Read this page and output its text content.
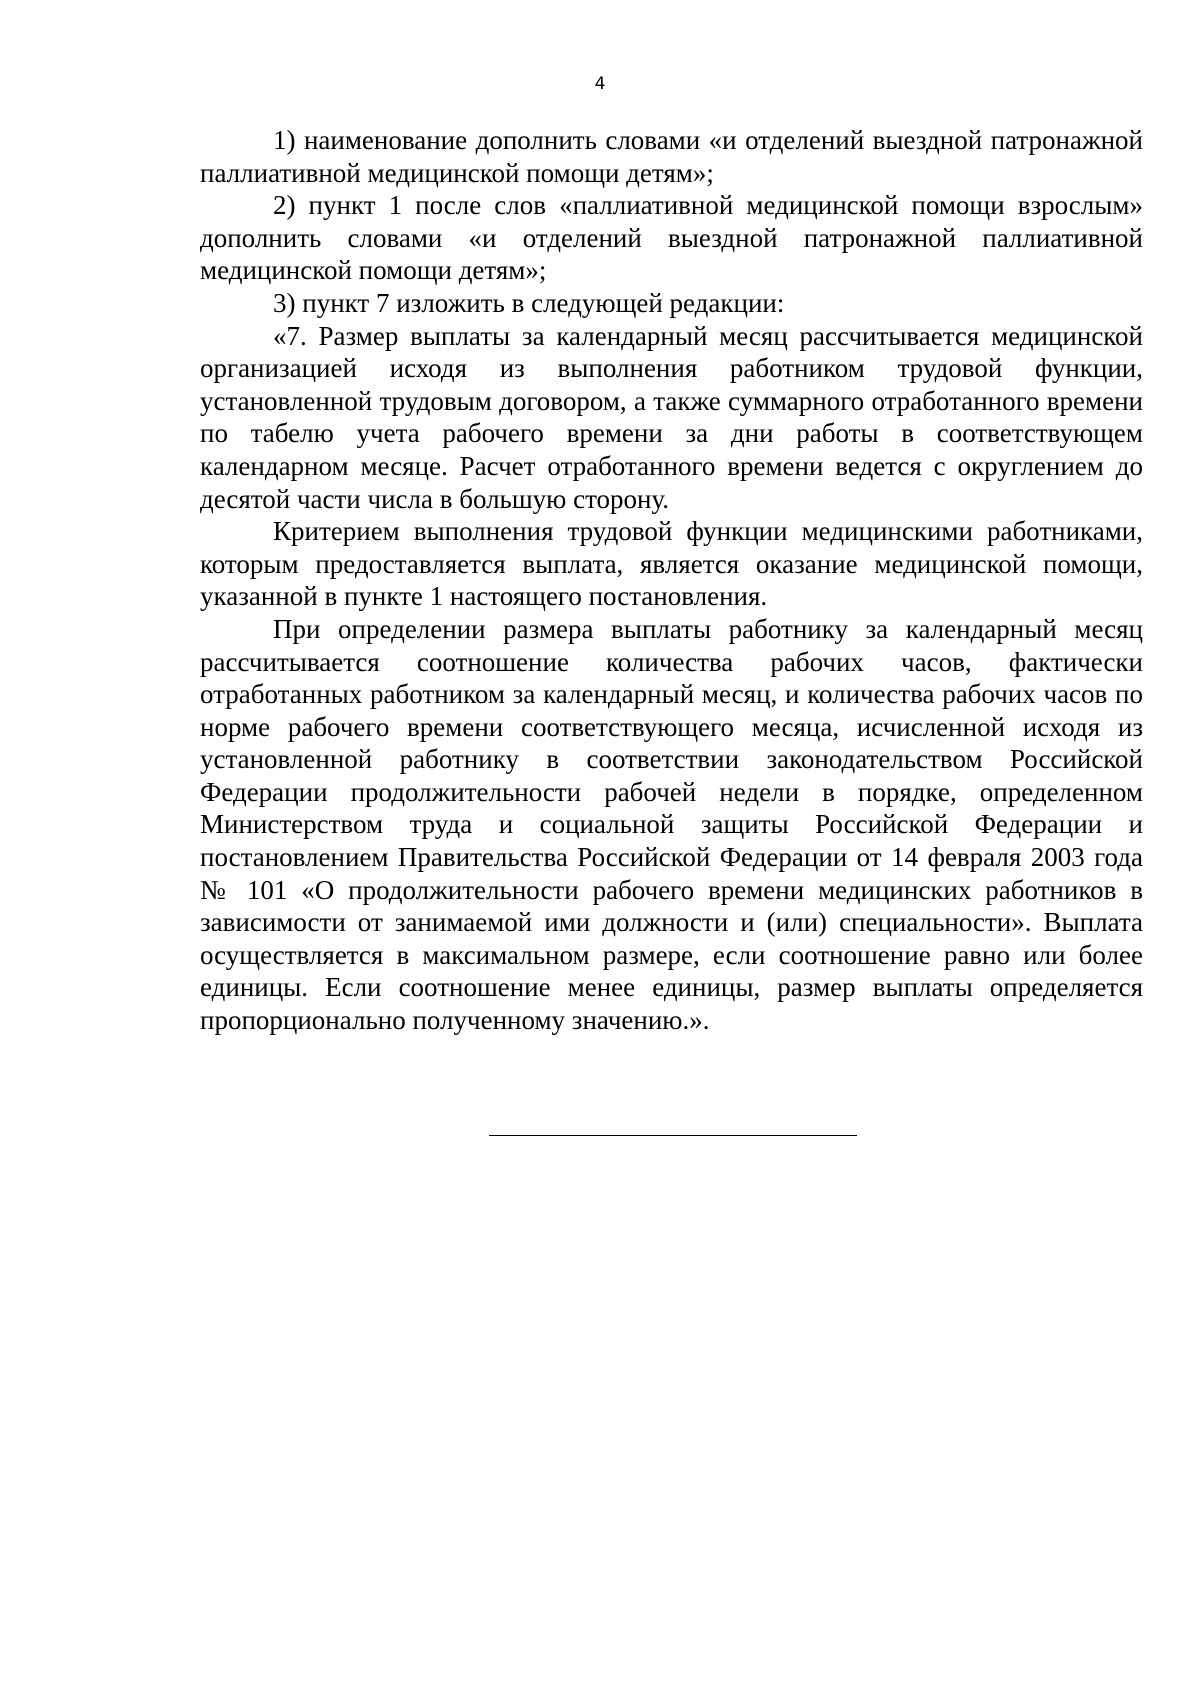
4

1) наименование дополнить словами «и отделений выездной патронажной паллиативной медицинской помощи детям»;

2) пункт 1 после слов «паллиативной медицинской помощи взрослым» дополнить словами «и отделений выездной патронажной паллиативной медицинской помощи детям»;

3) пункт 7 изложить в следующей редакции:

«7. Размер выплаты за календарный месяц рассчитывается медицинской организацией исходя из выполнения работником трудовой функции, установленной трудовым договором, а также суммарного отработанного времени по табелю учета рабочего времени за дни работы в соответствующем календарном месяце. Расчет отработанного времени ведется с округлением до десятой части числа в большую сторону.

Критерием выполнения трудовой функции медицинскими работниками, которым предоставляется выплата, является оказание медицинской помощи, указанной в пункте 1 настоящего постановления.

При определении размера выплаты работнику за календарный месяц рассчитывается соотношение количества рабочих часов, фактически отработанных работником за календарный месяц, и количества рабочих часов по норме рабочего времени соответствующего месяца, исчисленной исходя из установленной работнику в соответствии законодательством Российской Федерации продолжительности рабочей недели в порядке, определенном Министерством труда и социальной защиты Российской Федерации и постановлением Правительства Российской Федерации от 14 февраля 2003 года № 101 «О продолжительности рабочего времени медицинских работников в зависимости от занимаемой ими должности и (или) специальности». Выплата осуществляется в максимальном размере, если соотношение равно или более единицы. Если соотношение менее единицы, размер выплаты определяется пропорционально полученному значению.».
